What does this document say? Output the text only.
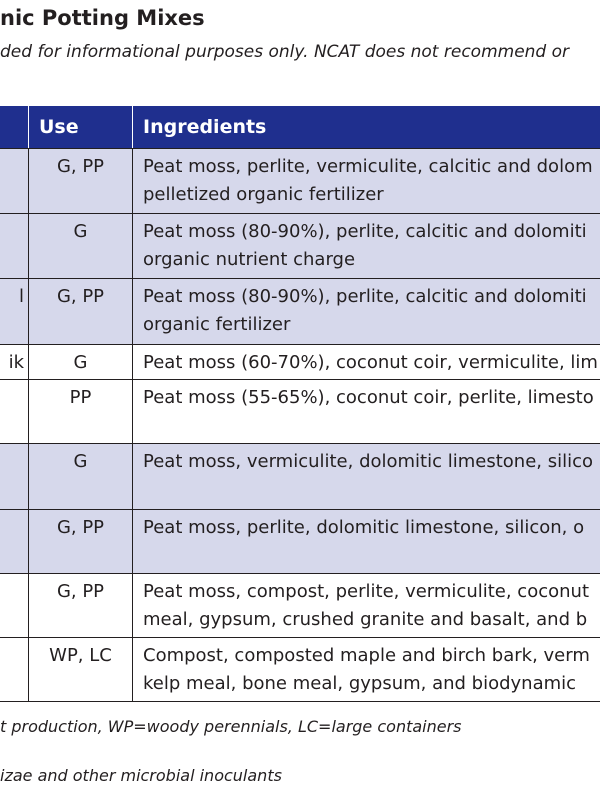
nic Potting Mixes
ded for informational purposes only. NCAT does not recommend or
	Use	Ingredients
	G, PP	Peat moss, perlite, vermiculite, calcitic and dolom
pelletized organic fertilizer

	G	Peat moss (80-90%), perlite, calcitic and dolomiti
organic nutrient charge

l	G, PP	Peat moss (80-90%), perlite, calcitic and dolomiti
organic fertilizer

ik	G	Peat moss (60-70%), coconut coir, vermiculite, lim

	PP	Peat moss (55-65%), coconut coir, perlite, limesto

	G	Peat moss, vermiculite, dolomitic limestone, silico

	G, PP	Peat moss, perlite, dolomitic limestone, silicon, o

	G, PP	Peat moss, compost, perlite, vermiculite, coconut
meal, gypsum, crushed granite and basalt, and b

	WP, LC	Compost, composted maple and birch bark, verm
kelp meal, bone meal, gypsum, and biodynamic
t production, WP=woody perennials, LC=large containers
izae and other microbial inoculants
